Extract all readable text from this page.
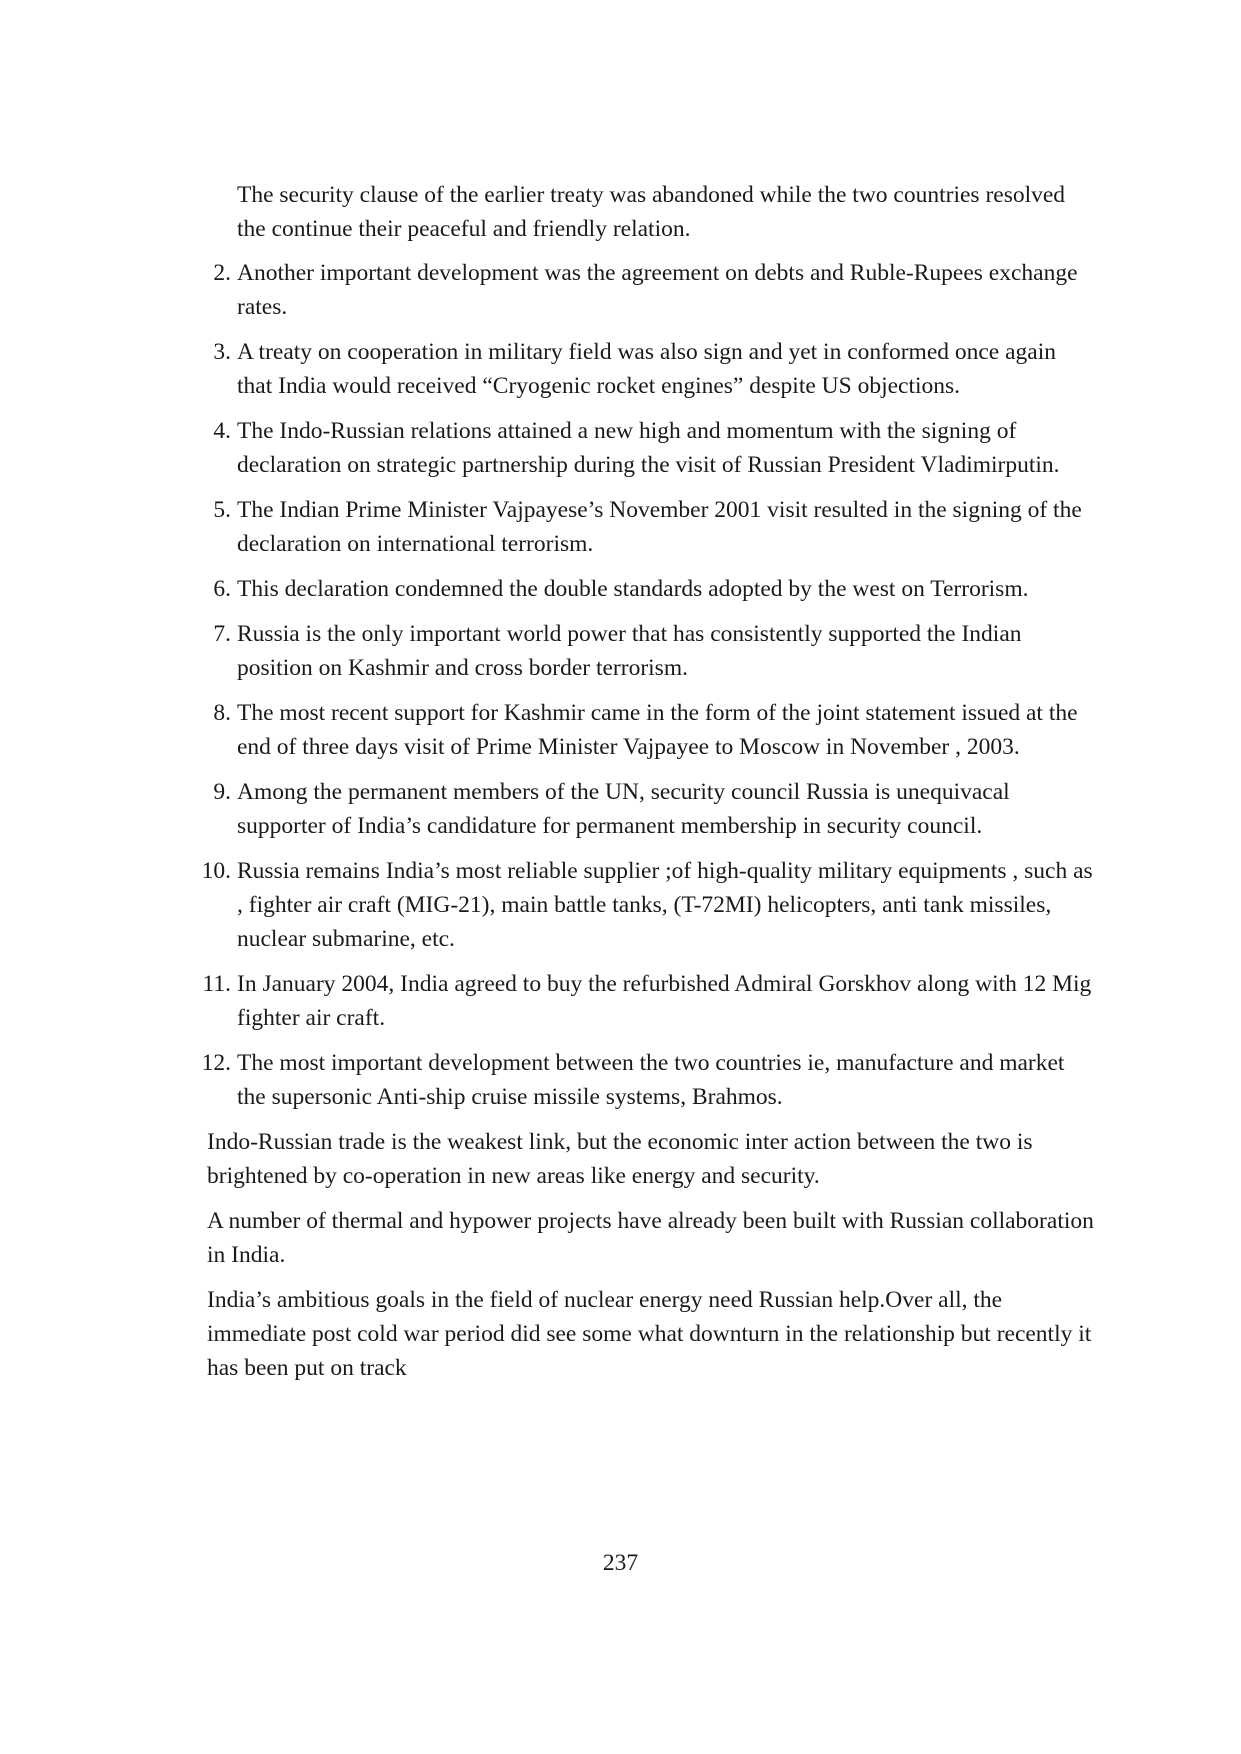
The security clause of the earlier treaty was abandoned while the two countries resolved the continue their peaceful and friendly relation.

2. Another important development was the agreement on debts and Ruble-Rupees exchange rates.
3. A treaty on cooperation in military field was also sign and yet in conformed once again that India would received “Cryogenic rocket engines” despite US objections.
4. The Indo-Russian relations attained a new high and momentum with the signing of declaration on strategic partnership during the visit of Russian President Vladimirputin.
5. The Indian Prime Minister Vajpayese’s November 2001 visit resulted in the signing of the declaration on international terrorism.
6. This declaration condemned the double standards adopted by the west on Terrorism.
7. Russia is the only important world power that has consistently supported the Indian position on Kashmir and cross border terrorism.
8. The most recent support for Kashmir came in the form of the joint statement issued at the end of three days visit of Prime Minister Vajpayee to Moscow in November , 2003.
9. Among the permanent members of the UN, security council Russia is unequivacal supporter of India’s candidature for permanent membership in security council.
10. Russia remains India’s most reliable supplier ;of high-quality military equipments , such as , fighter air craft (MIG-21), main battle tanks, (T-72MI) helicopters, anti tank missiles, nuclear submarine, etc.
11. In January 2004, India agreed to buy the refurbished Admiral Gorskhov along with 12 Mig fighter air craft.
12. The most important development between the two countries ie, manufacture and market the supersonic Anti-ship cruise missile systems, Brahmos.

Indo-Russian trade is the weakest link, but the economic inter action between the two is brightened by co-operation in new areas like energy and security.

A number of thermal and hypower projects have already been built with Russian collaboration in India.

India’s ambitious goals in the field of nuclear energy need Russian help.Over all, the immediate post cold war period did see some what downturn in the relationship but recently it has been put on track

237
